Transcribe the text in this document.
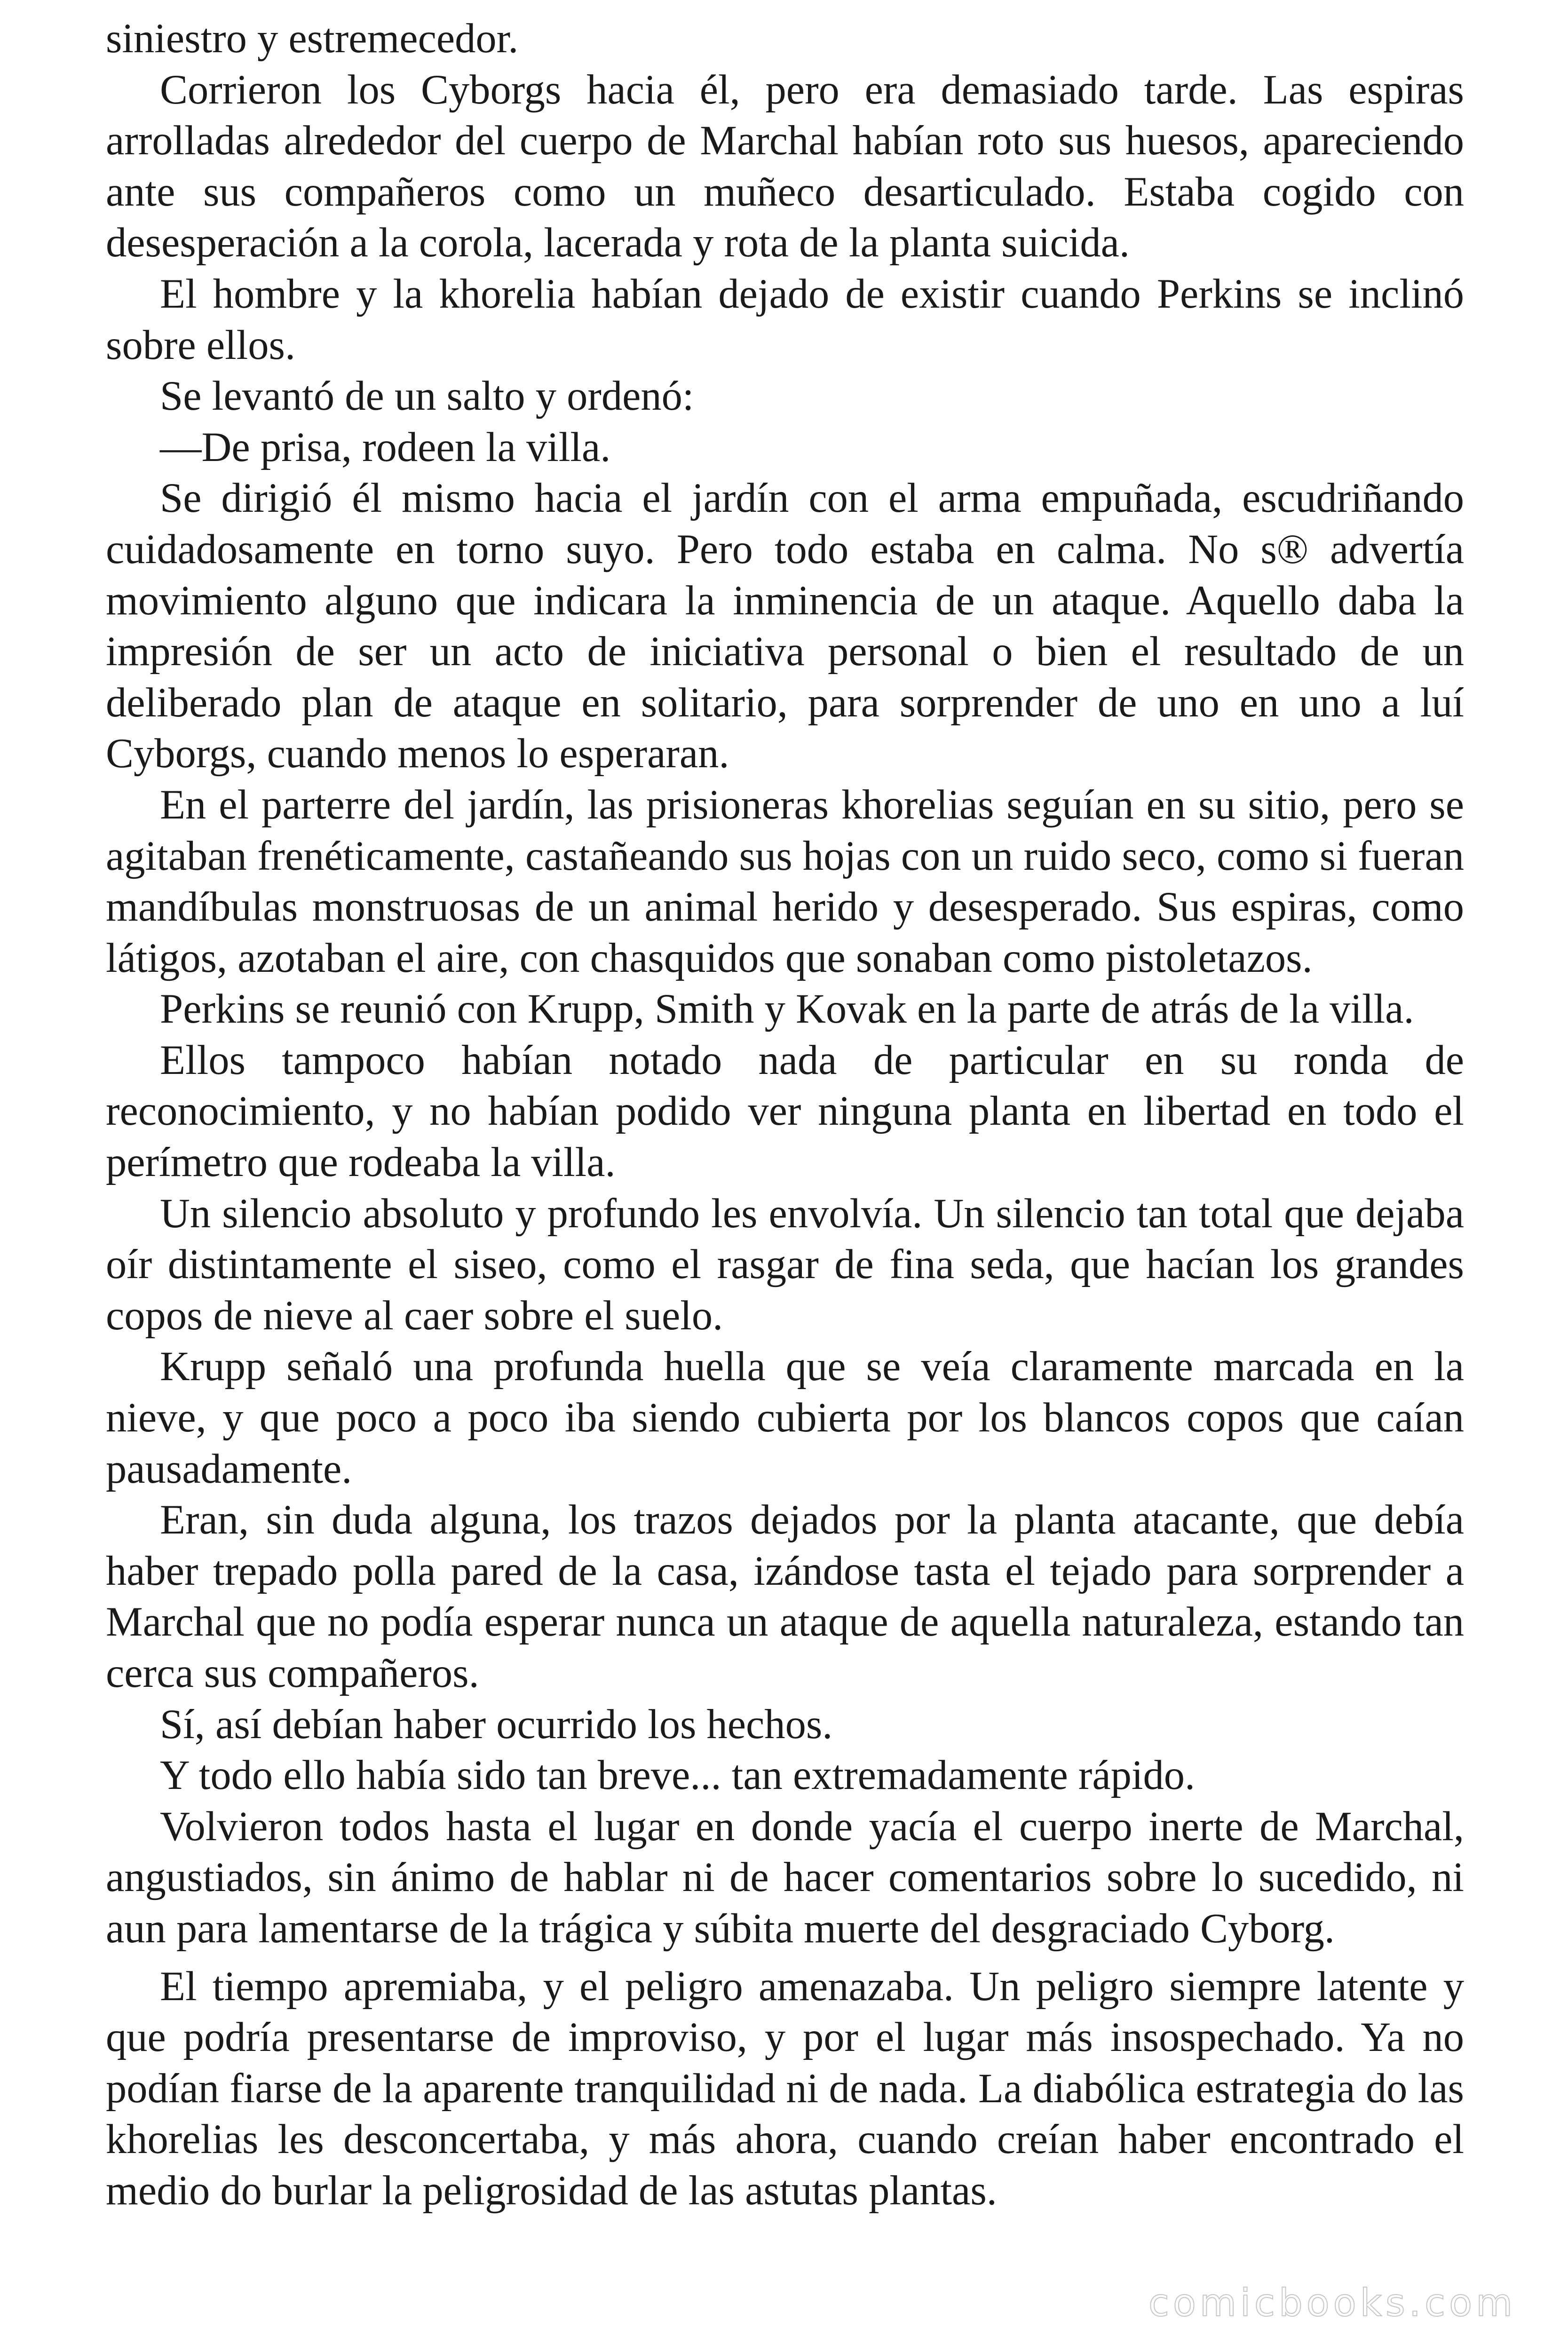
siniestro y estremecedor.

Corrieron los Cyborgs hacia él, pero era demasiado tarde. Las espiras arrolladas alrededor del cuerpo de Marchal habían roto sus huesos, apareciendo ante sus compañeros como un muñeco desarticulado. Estaba cogido con desesperación a la corola, lacerada y rota de la planta suicida.

El hombre y la khorelia habían dejado de existir cuando Perkins se inclinó sobre ellos.

Se levantó de un salto y ordenó:

—De prisa, rodeen la villa.

Se dirigió él mismo hacia el jardín con el arma empuñada, escudriñando cuidadosamente en torno suyo. Pero todo estaba en calma. No s® advertía movimiento alguno que indicara la inminencia de un ataque. Aquello daba la impresión de ser un acto de iniciativa personal o bien el resultado de un deliberado plan de ataque en solitario, para sorprender de uno en uno a luí Cyborgs, cuando menos lo esperaran.

En el parterre del jardín, las prisioneras khorelias seguían en su sitio, pero se agitaban frenéticamente, castañeando sus hojas con un ruido seco, como si fueran mandíbulas monstruosas de un animal herido y desesperado. Sus espiras, como látigos, azotaban el aire, con chasquidos que sonaban como pistoletazos.

Perkins se reunió con Krupp, Smith y Kovak en la parte de atrás de la villa.

Ellos tampoco habían notado nada de particular en su ronda de reconocimiento, y no habían podido ver ninguna planta en libertad en todo el perímetro que rodeaba la villa.

Un silencio absoluto y profundo les envolvía. Un silencio tan total que dejaba oír distintamente el siseo, como el rasgar de fina seda, que hacían los grandes copos de nieve al caer sobre el suelo.

Krupp señaló una profunda huella que se veía claramente marcada en la nieve, y que poco a poco iba siendo cubierta por los blancos copos que caían pausadamente.

Eran, sin duda alguna, los trazos dejados por la planta atacante, que debía haber trepado polla pared de la casa, izándose tasta el tejado para sorprender a Marchal que no podía esperar nunca un ataque de aquella naturaleza, estando tan cerca sus compañeros.

Sí, así debían haber ocurrido los hechos.

Y todo ello había sido tan breve... tan extremadamente rápido.

Volvieron todos hasta el lugar en donde yacía el cuerpo inerte de Marchal, angustiados, sin ánimo de hablar ni de hacer comentarios sobre lo sucedido, ni aun para lamentarse de la trágica y súbita muerte del desgraciado Cyborg.

El tiempo apremiaba, y el peligro amenazaba. Un peligro siempre latente y que podría presentarse de improviso, y por el lugar más insospechado. Ya no podían fiarse de la aparente tranquilidad ni de nada. La diabólica estrategia do las khorelias les desconcertaba, y más ahora, cuando creían haber encontrado el medio do burlar la peligrosidad de las astutas plantas.

comicbooks.com
